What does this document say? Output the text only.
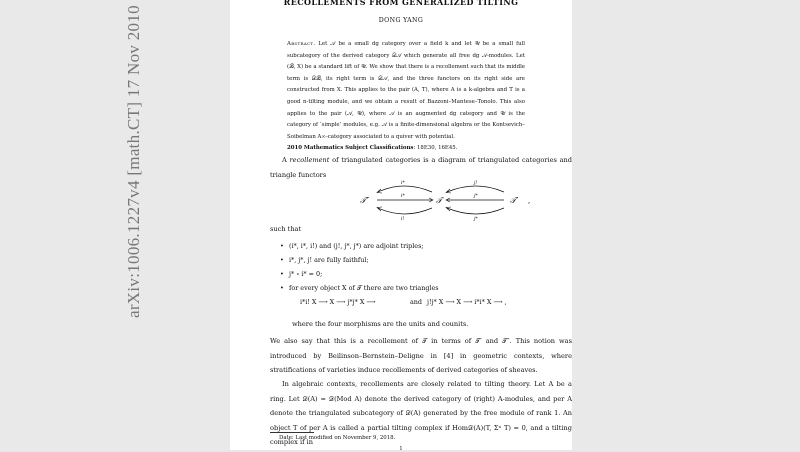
arXiv:1006.1227v4 [math.CT] 17 Nov 2010
RECOLLEMENTS FROM GENERALIZED TILTING
DONG YANG
Abstract. Let 𝒜 be a small dg category over a field k and let 𝒰 be a small full subcategory of the derived category 𝒟𝒜 which generate all free dg 𝒜-modules. Let (ℬ, X) be a standard lift of 𝒰. We show that there is a recollement such that its middle term is 𝒟ℬ, its right term is 𝒟𝒜, and the three functors on its right side are constructed from X. This applies to the pair (A, T), where A is a k-algebra and T is a good n-tilting module, and we obtain a result of Bazzoni–Mantese–Tonolo. This also applies to the pair (𝒜, 𝒰), where 𝒜 is an augmented dg category and 𝒰 is the category of ‘simple’ modules, e.g. 𝒜 is a finite-dimensional algebra or the Kontsevich–Soibelman A∞-category associated to a quiver with potential.
2010 Mathematics Subject Classifications: 18E30, 16E45.
A recollement of triangulated categories is a diagram of triangulated categories and triangle functors
𝒯″	𝒯	𝒯′ ,
i*
i*
i!
j!
j*
j*
such that
• (i*, i*, i!) and (j!, j*, j*) are adjoint triples;
• i*, j*, j! are fully faithful;
• j* ∘ i* = 0;
• for every object X of 𝒯 there are two triangles
i*i! X ⟶ X ⟶ j*j* X ⟶	and j!j* X ⟶ X ⟶ i*i* X ⟶ ,
where the four morphisms are the units and counits.
We also say that this is a recollement of 𝒯 in terms of 𝒯′ and 𝒯″. This notion was introduced by Beilinson–Bernstein–Deligne in [4] in geometric contexts, where stratifications of varieties induce recollements of derived categories of sheaves.
In algebraic contexts, recollements are closely related to tilting theory. Let A be a ring. Let 𝒟(A) = 𝒟(Mod A) denote the derived category of (right) A-modules, and per A denote the triangulated subcategory of 𝒟(A) generated by the free module of rank 1. An object T of per A is called a partial tilting complex if Hom𝒟(A)(T, Σⁿ T) = 0, and a tilting complex if in
Date: Last modified on November 9, 2018.
1
